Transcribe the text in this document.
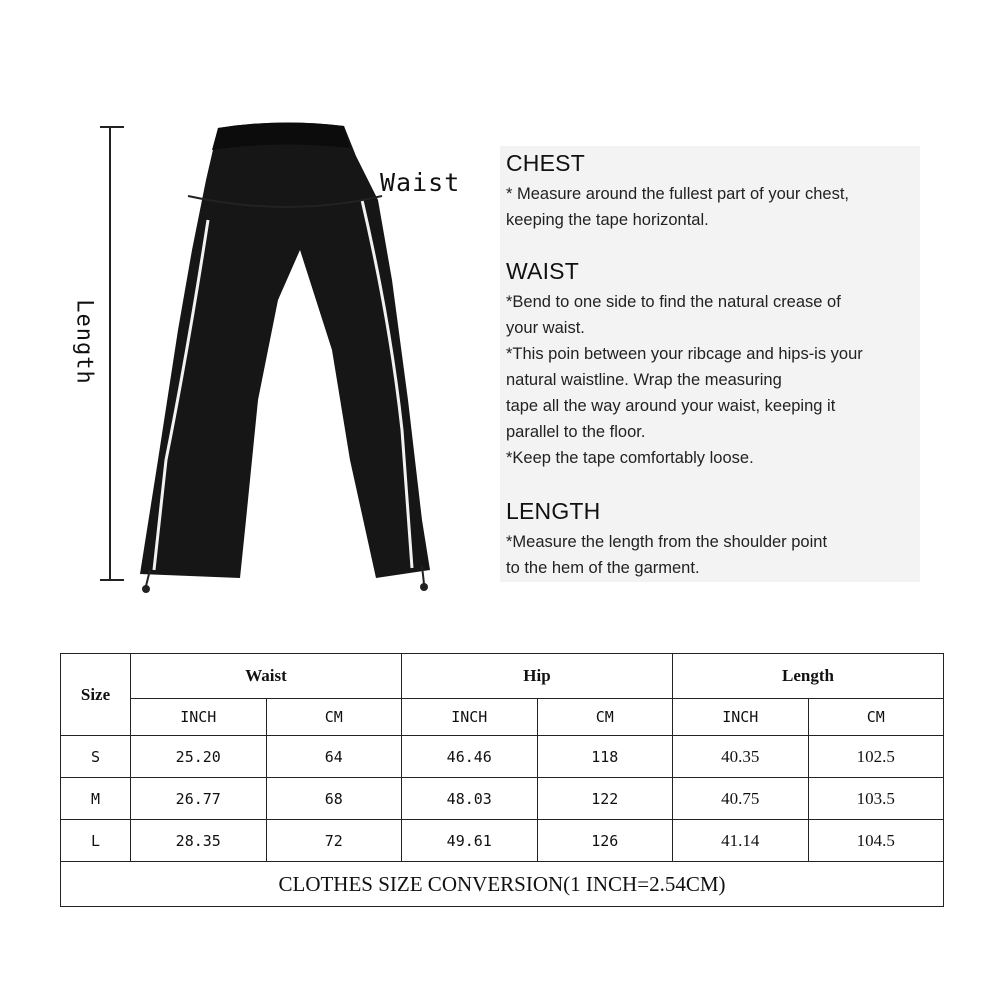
Waist
Length
CHEST

* Measure around the fullest part of your chest,
keeping the tape horizontal.

WAIST

*Bend to one side to find the natural crease of
your waist.
*This poin between your ribcage and hips-is your
natural waistline. Wrap the measuring
tape all the way around your waist, keeping it
parallel to the floor.
*Keep the tape comfortably loose.

LENGTH

*Measure the length from the shoulder point
to the hem of the garment.

Size	Waist		Hip		Length	
	INCH	CM	INCH	CM	INCH	CM
S	25.20	64	46.46	118	40.35	102.5
M	26.77	68	48.03	122	40.75	103.5
L	28.35	72	49.61	126	41.14	104.5
CLOTHES SIZE CONVERSION(1 INCH=2.54CM)						
